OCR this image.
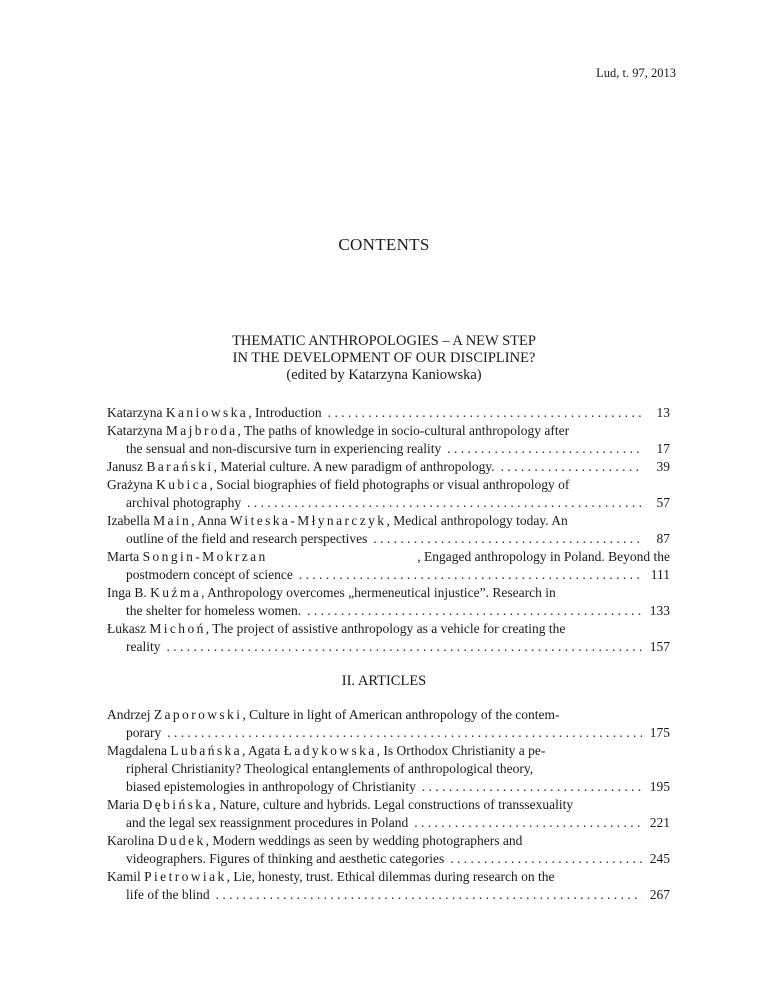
Lud, t. 97, 2013
CONTENTS
THEMATIC ANTHROPOLOGIES – A NEW STEP
IN THE DEVELOPMENT OF OUR DISCIPLINE?
(edited by Katarzyna Kaniowska)
Katarzyna Kaniowska , Introduction . . .	13
Katarzyna Majbroda , The paths of knowledge in socio-cultural anthropology after
the sensual and non-discursive turn in experiencing reality . . .	17
Janusz Barański , Material culture. A new paradigm of anthropology. . . .	39
Grażyna Kubica , Social biographies of field photographs or visual anthropology of
archival photography . . .	57
Izabella Main , Anna Witeska-Młynarczyk , Medical anthropology today. An
outline of the field and research perspectives . . .	87
Marta Songin-Mokrzan	, Engaged anthropology in Poland. Beyond the
postmodern concept of science . . .	111
Inga B. Kuźma , Anthropology overcomes „hermeneutical injustice”. Research in
the shelter for homeless women. . . .	133
Łukasz Michoń , The project of assistive anthropology as a vehicle for creating the
reality . . .	157
II. ARTICLES
Andrzej Zaporowski , Culture in light of American anthropology of the contem-
porary . . .	175
Magdalena Lubańska , Agata Ładykowska , Is Orthodox Christianity a pe-
ripheral Christianity? Theological entanglements of anthropological theory,
biased epistemologies in anthropology of Christianity . . .	195
Maria Dębińska , Nature, culture and hybrids. Legal constructions of transsexuality
and the legal sex reassignment procedures in Poland . . .	221
Karolina Dudek , Modern weddings as seen by wedding photographers and
videographers. Figures of thinking and aesthetic categories . . .	245
Kamil Pietrowiak , Lie, honesty, trust. Ethical dilemmas during research on the
life of the blind . . .	267
